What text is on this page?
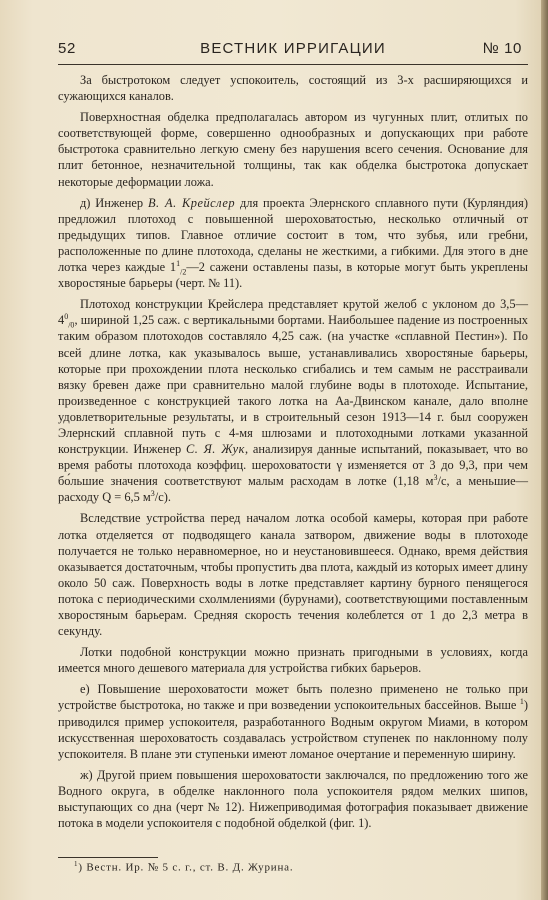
52	ВЕСТНИК ИРРИГАЦИИ	№ 10

За быстротоком следует успокоитель, состоящий из 3-х расширяющихся и сужающихся каналов.

Поверхностная обделка предполагалась автором из чугунных плит, отлитых по соответствующей форме, совершенно однообразных и допускающих при работе быстротока сравнительно легкую смену без нарушения всего сечения. Основание для плит бетонное, незначительной толщины, так как обделка быстротока допускает некоторые деформации ложа.

д) Инженер В. А. Крейслер для проекта Элернского сплавного пути (Курляндия) предложил плотоход с повышенной шероховатостью, несколько отличный от предыдущих типов. Главное отличие состоит в том, что зубья, или гребни, расположенные по длине плотохода, сделаны не жесткими, а гибкими. Для этого в дне лотка через каждые $1^1_{/2}—2$ сажени оставлены пазы, в которые могут быть укреплены хворостяные барьеры (черт. № 11).

Плотоход конструкции Крейслера представляет крутой желоб с уклоном до $3,5—4^0_{/0}$, шириной 1,25 саж. с вертикальными бортами. Наибольшее падение из построенных таким образом плотоходов составляло 4,25 саж. (на участке «сплавной Пестин»). По всей длине лотка, как указывалось выше, устанавливались хворостяные барьеры, которые при прохождении плота несколько сгибались и тем самым не расстраивали вязку бревен даже при сравнительно малой глубине воды в плотоходе. Испытание, произведенное с конструкцией такого лотка на Аа-Двинском канале, дало вполне удовлетворительные результаты, и в строительный сезон 1913—14 г. был сооружен Элернский сплавной путь с 4-мя шлюзами и плотоходными лотками указанной конструкции. Инженер С. Я. Жук, анализируя данные испытаний, показывает, что во время работы плотохода коэффиц. шероховатости γ изменяется от 3 до 9,3, при чем бо́льшие значения соответствуют малым расходам в лотке (1,18 $м^3/с$, а меньшие—расходу Q = 6,5 $м^3/с$).

Вследствие устройства перед началом лотка особой камеры, которая при работе лотка отделяется от подводящего канала затвором, движение воды в плотоходе получается не только неравномерное, но и неустановившееся. Однако, время действия оказывается достаточным, чтобы пропустить два плота, каждый из которых имеет длину около 50 саж. Поверхность воды в лотке представляет картину бурного пенящегося потока с периодическими схолмлениями (бурунами), соответствующими поставленным хворостяным барьерам. Средняя скорость течения колеблется от 1 до 2,3 метра в секунду.

Лотки подобной конструкции можно признать пригодными в условиях, когда имеется много дешевого материала для устройства гибких барьеров.

е) Повышение шероховатости может быть полезно применено не только при устройстве быстротока, но также и при возведении успокоительных бассейнов. Выше $^1$) приводился пример успокоителя, разработанного Водным округом Миами, в котором искусственная шероховатость создавалась устройством ступенек по наклонному полу успокоителя. В плане эти ступеньки имеют ломаное очертание и переменную ширину.

ж) Другой прием повышения шероховатости заключался, по предложению того же Водного округа, в обделке наклонного пола успокоителя рядом мелких шипов, выступающих со дна (черт № 12). Нижеприводимая фотография показывает движение потока в модели успокоителя с подобной обделкой (фиг. 1).

$^1$) Вестн. Ир. № 5 с. г., ст. В. Д. Журина.
